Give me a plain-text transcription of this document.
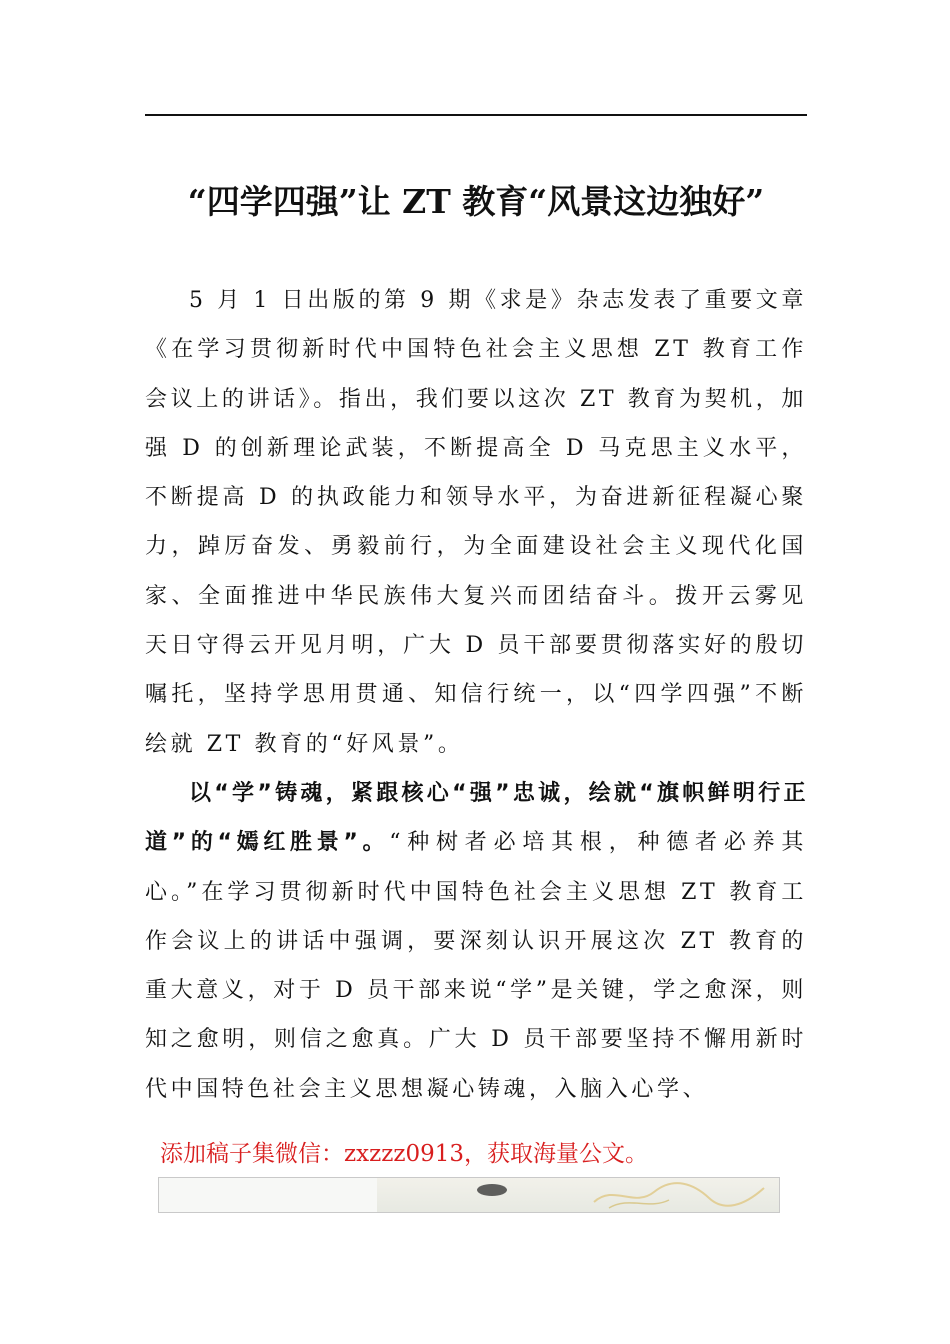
“四学四强”让 ZT 教育“风景这边独好”

5 月 1 日出版的第 9 期《求是》杂志发表了重要文章《在学习贯彻新时代中国特色社会主义思想 ZT 教育工作会议上的讲话》。指出，我们要以这次 ZT 教育为契机，加强 D 的创新理论武装，不断提高全 D 马克思主义水平，不断提高 D 的执政能力和领导水平，为奋进新征程凝心聚力，踔厉奋发、勇毅前行，为全面建设社会主义现代化国家、全面推进中华民族伟大复兴而团结奋斗。拨开云雾见天日守得云开见月明，广大 D 员干部要贯彻落实好的殷切嘱托，坚持学思用贯通、知信行统一，以“四学四强”不断绘就 ZT 教育的“好风景”。

以“学”铸魂，紧跟核心“强”忠诚，绘就“旗帜鲜明行正道”的“嫣红胜景”。“种树者必培其根，种德者必养其心。”在学习贯彻新时代中国特色社会主义思想 ZT 教育工作会议上的讲话中强调，要深刻认识开展这次 ZT 教育的重大意义，对于 D 员干部来说“学”是关键，学之愈深，则知之愈明，则信之愈真。广大 D 员干部要坚持不懈用新时代中国特色社会主义思想凝心铸魂，入脑入心学、

添加稿子集微信：zxzzz0913，获取海量公文。
